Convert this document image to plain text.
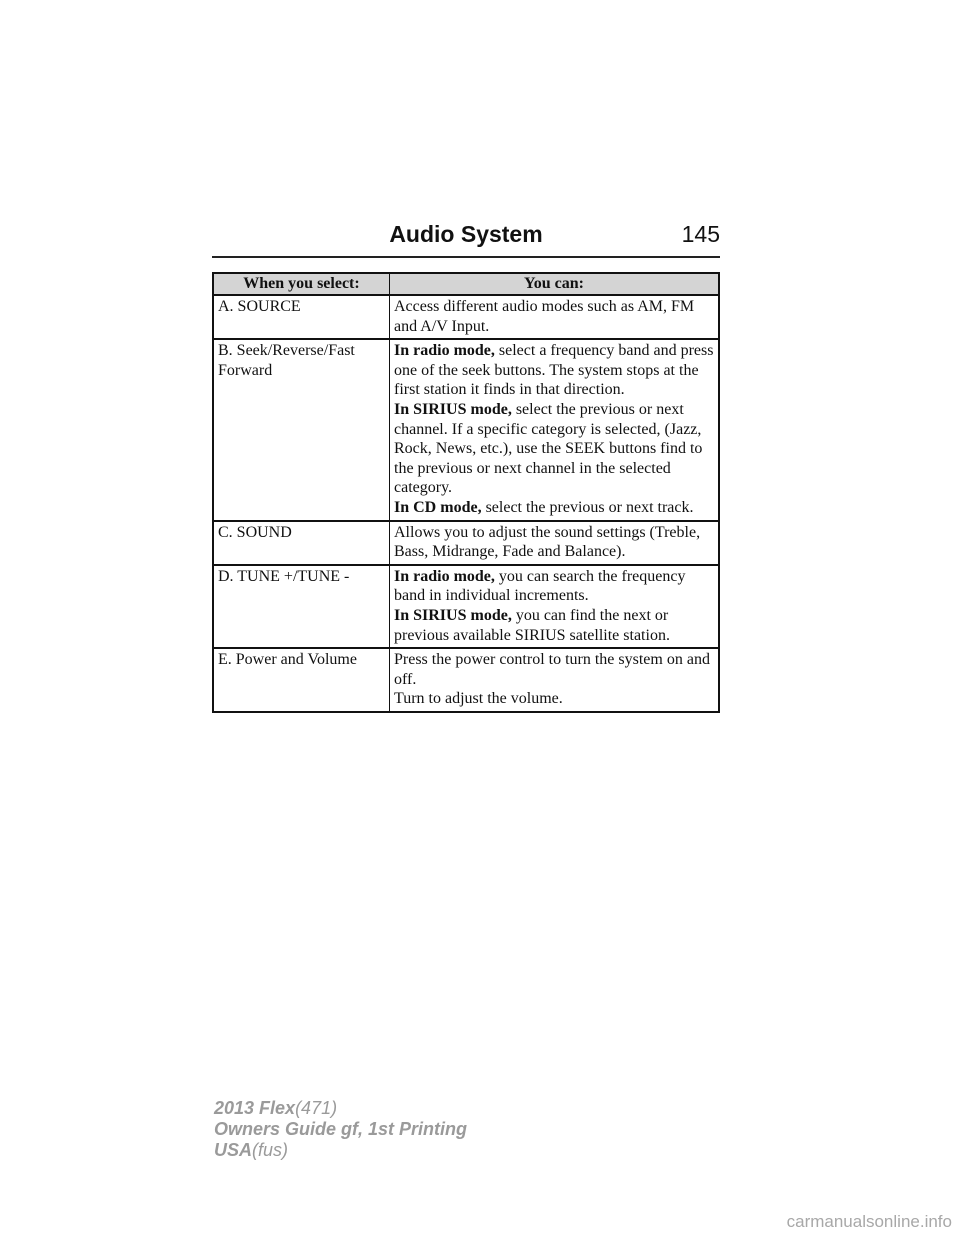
Audio System	145
When you select:	You can:
A. SOURCE	Access different audio modes such as AM, FM and A/V Input.

B. Seek/Reverse/Fast Forward	In radio mode, select a frequency band and press one of the seek buttons. The system stops at the first station it finds in that direction.
In SIRIUS mode, select the previous or next channel. If a specific category is selected, (Jazz, Rock, News, etc.), use the SEEK buttons find to the previous or next channel in the selected category.
In CD mode, select the previous or next track.

C. SOUND	Allows you to adjust the sound settings (Treble, Bass, Midrange, Fade and Balance).

D. TUNE +/TUNE -	In radio mode, you can search the frequency band in individual increments.
In SIRIUS mode, you can find the next or previous available SIRIUS satellite station.

E. Power and Volume	Press the power control to turn the system on and off.
Turn to adjust the volume.
2013 Flex(471)
Owners Guide gf, 1st Printing
USA(fus)
carmanualsonline.info
